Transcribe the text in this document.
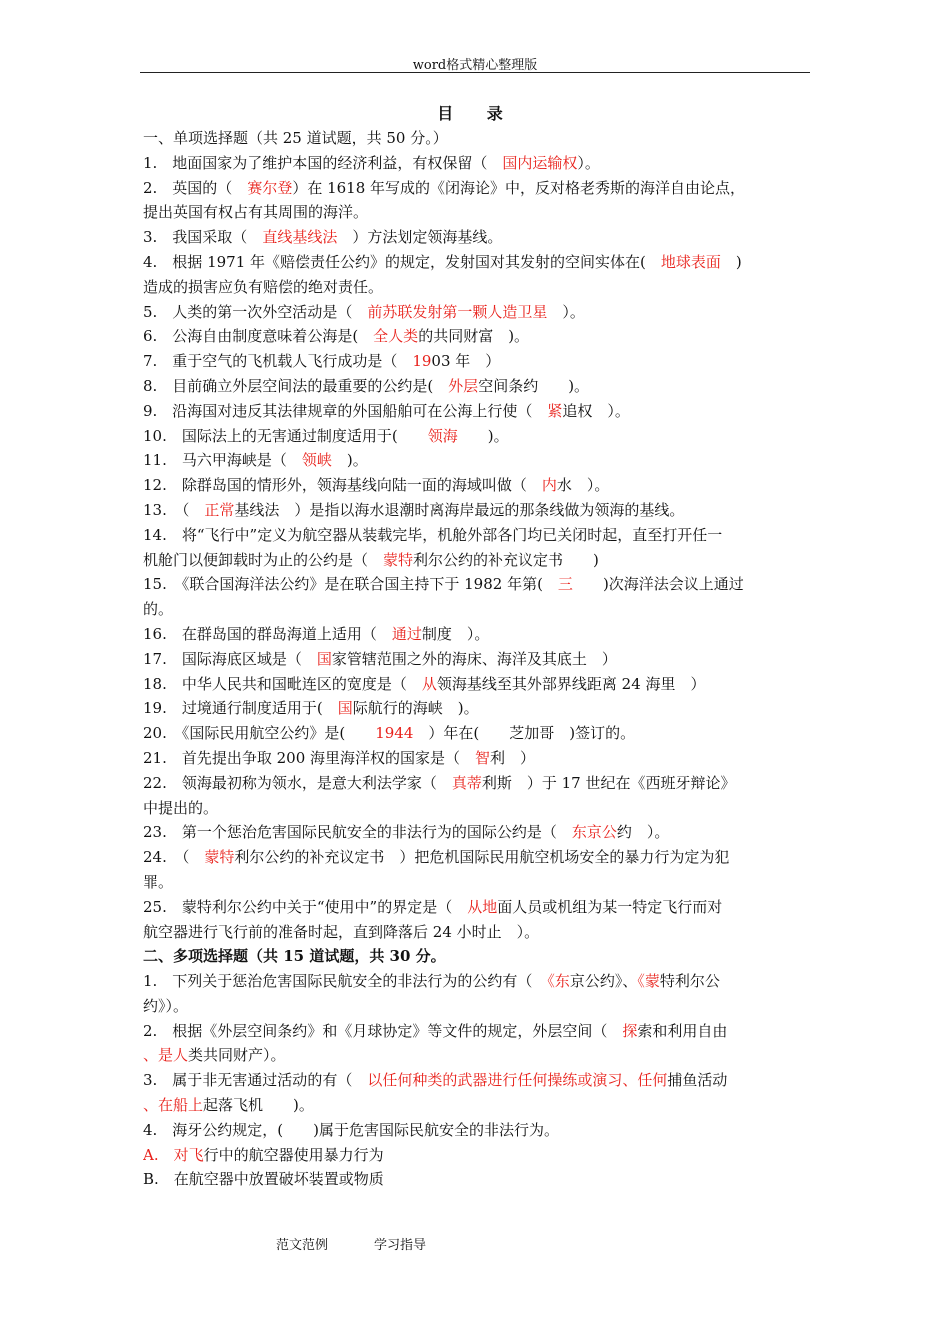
word格式精心整理版
目 录
一、单项选择题（共 25 道试题，共 50 分。）
1.　地面国家为了维护本国的经济利益，有权保留（　国内运输权）。
2.　英国的（　赛尔登）在 1618 年写成的《闭海论》中，反对格老秀斯的海洋自由论点，
提出英国有权占有其周围的海洋。
3.　我国采取（　直线基线法　）方法划定领海基线。
4.　根据 1971 年《赔偿责任公约》的规定，发射国对其发射的空间实体在(　地球表面　)
造成的损害应负有赔偿的绝对责任。
5.　人类的第一次外空活动是（　前苏联发射第一颗人造卫星　）。
6.　公海自由制度意味着公海是(　全人类的共同财富　)。
7.　重于空气的飞机载人飞行成功是（　1903 年　）
8.　目前确立外层空间法的最重要的公约是(　外层空间条约　　)。
9.　沿海国对违反其法律规章的外国船舶可在公海上行使（　紧追权　）。
10.　国际法上的无害通过制度适用于(　　领海　　)。
11.　马六甲海峡是（　领峡　)。
12.　除群岛国的情形外，领海基线向陆一面的海域叫做（　内水　）。
13.　（　正常基线法　）是指以海水退潮时离海岸最远的那条线做为领海的基线。
14.　将“飞行中”定义为航空器从装载完毕，机舱外部各门均已关闭时起，直至打开任一
机舱门以便卸载时为止的公约是（　蒙特利尔公约的补充议定书　　)
15.　《联合国海洋法公约》是在联合国主持下于 1982 年第(　三　　)次海洋法会议上通过
的。
16.　在群岛国的群岛海道上适用（　通过制度　）。
17.　国际海底区域是（　国家管辖范围之外的海床、海洋及其底土　）
18.　中华人民共和国毗连区的宽度是（　从领海基线至其外部界线距离 24 海里　）
19.　过境通行制度适用于(　国际航行的海峡　)。
20.　《国际民用航空公约》是(　　1944　）年在(　　芝加哥　)签订的。
21.　首先提出争取 200 海里海洋权的国家是（　智利　）
22.　领海最初称为领水，是意大利法学家（　真蒂利斯　）于 17 世纪在《西班牙辩论》
中提出的。
23.　第一个惩治危害国际民航安全的非法行为的国际公约是（　东京公约　）。
24.　（　蒙特利尔公约的补充议定书　）把危机国际民用航空机场安全的暴力行为定为犯
罪。
25.　蒙特利尔公约中关于“使用中”的界定是（　从地面人员或机组为某一特定飞行而对
航空器进行飞行前的准备时起，直到降落后 24 小时止　）。
二、多项选择题（共 15 道试题，共 30 分。
1.　下列关于惩治危害国际民航安全的非法行为的公约有（　《东京公约》、《蒙特利尔公
约》）。
2.　根据《外层空间条约》和《月球协定》等文件的规定，外层空间（　探索和利用自由
、是人类共同财产）。
3.　属于非无害通过活动的有（　以任何种类的武器进行任何操练或演习、任何捕鱼活动
、在船上起落飞机　　)。
4.　海牙公约规定，(　　)属于危害国际民航安全的非法行为。
A.　对飞行中的航空器使用暴力行为
B.　在航空器中放置破坏装置或物质
范文范例	学习指导
